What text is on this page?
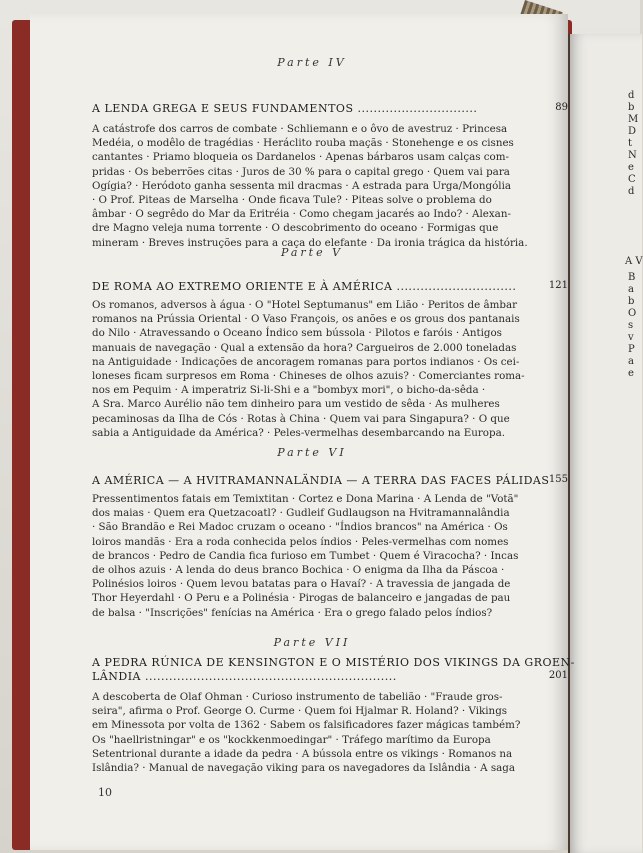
d
b
M
D
t
N
e
C
d
A V
B
a
b
O
s
v
P
a
e
Parte IV
A LENDA GREGA E SEUS FUNDAMENTOS ..............................	89
A catástrofe dos carros de combate · Schliemann e o ôvo de avestruz · Princesa
Medéia, o modêlo de tragédias · Heráclito rouba maçãs · Stonehenge e os cisnes
cantantes · Priamo bloqueia os Dardanelos · Apenas bárbaros usam calças com-
pridas · Os beberrões citas · Juros de 30 % para o capital grego · Quem vai para
Ogígia? · Heródoto ganha sessenta mil dracmas · A estrada para Urga/Mongólia
· O Prof. Piteas de Marselha · Onde ficava Tule? · Piteas solve o problema do
âmbar · O segrêdo do Mar da Eritréia · Como chegam jacarés ao Indo? · Alexan-
dre Magno veleja numa torrente · O descobrimento do oceano · Formigas que
mineram · Breves instruções para a caça do elefante · Da ironia trágica da história.
Parte V
DE ROMA AO EXTREMO ORIENTE E À AMÉRICA ..............................	121
Os romanos, adversos à água · O "Hotel Septumanus" em Lião · Peritos de âmbar
romanos na Prússia Oriental · O Vaso François, os anões e os grous dos pantanais
do Nilo · Atravessando o Oceano Índico sem bússola · Pilotos e faróis · Antigos
manuais de navegação · Qual a extensão da hora? Cargueiros de 2.000 toneladas
na Antiguidade · Indicações de ancoragem romanas para portos indianos · Os cei-
loneses ficam surpresos em Roma · Chineses de olhos azuis? · Comerciantes roma-
nos em Pequim · A imperatriz Si-li-Shi e a "bombyx mori", o bicho-da-sêda ·
A Sra. Marco Aurélio não tem dinheiro para um vestido de sêda · As mulheres
pecaminosas da Ilha de Cós · Rotas à China · Quem vai para Singapura? · O que
sabia a Antiguidade da América? · Peles-vermelhas desembarcando na Europa.
Parte VI
A AMÉRICA — A HVITRAMANNALÄNDIA — A TERRA DAS FACES PÁLIDAS 155
Pressentimentos fatais em Temixtitan · Cortez e Dona Marina · A Lenda de "Votã"
dos maias · Quem era Quetzacoatl? · Gudleif Gudlaugson na Hvitramannalândia
· São Brandão e Rei Madoc cruzam o oceano · "Índios brancos" na América · Os
loiros mandãs · Era a roda conhecida pelos índios · Peles-vermelhas com nomes
de brancos · Pedro de Candia fica furioso em Tumbet · Quem é Viracocha? · Incas
de olhos azuis · A lenda do deus branco Bochica · O enigma da Ilha da Páscoa ·
Polinésios loiros · Quem levou batatas para o Havaí? · A travessia de jangada de
Thor Heyerdahl · O Peru e a Polinésia · Pirogas de balanceiro e jangadas de pau
de balsa · "Inscrições" fenícias na América · Era o grego falado pelos índios?
Parte VII
A PEDRA RÚNICA DE KENSINGTON E O MISTÉRIO DOS VIKINGS DA GROEN-
LÂNDIA ...............................................................	201
A descoberta de Olaf Ohman · Curioso instrumento de tabelião · "Fraude gros-
seira", afirma o Prof. George O. Curme · Quem foi Hjalmar R. Holand? · Vikings
em Minessota por volta de 1362 · Sabem os falsificadores fazer mágicas também?
Os "haellristningar" e os "kockkenmoedingar" · Tráfego marítimo da Europa
Setentrional durante a idade da pedra · A bússola entre os vikings · Romanos na
Islândia? · Manual de navegação viking para os navegadores da Islândia · A saga
10
